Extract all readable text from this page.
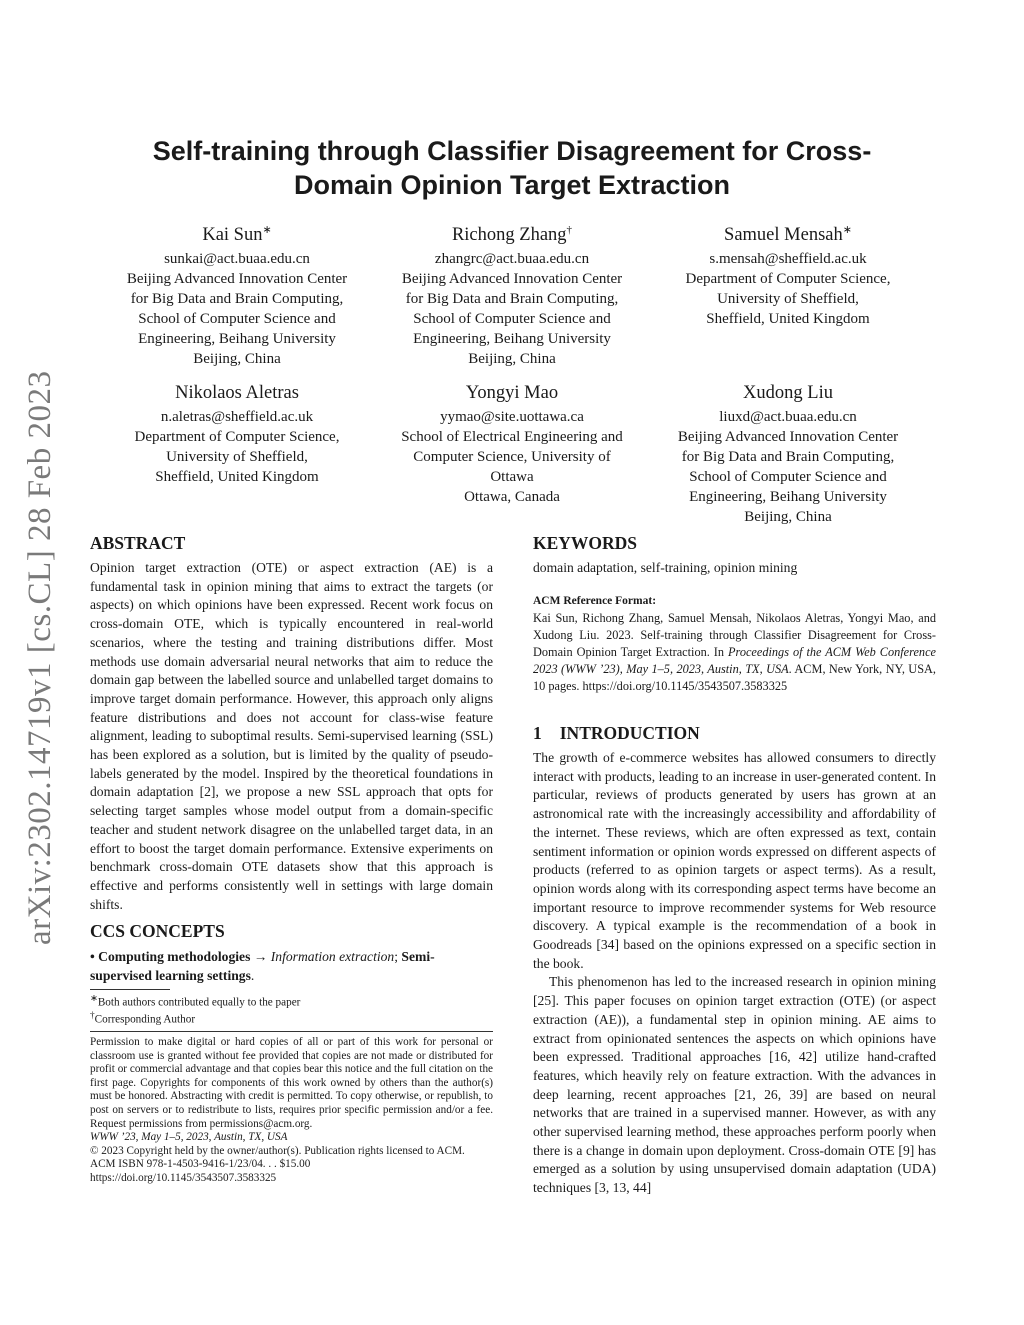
arXiv:2302.14719v1 [cs.CL] 28 Feb 2023
Self-training through Classifier Disagreement for Cross-Domain Opinion Target Extraction
Kai Sun∗
sunkai@act.buaa.edu.cn
Beijing Advanced Innovation Center
for Big Data and Brain Computing,
School of Computer Science and
Engineering, Beihang University
Beijing, China
Richong Zhang†
zhangrc@act.buaa.edu.cn
Beijing Advanced Innovation Center
for Big Data and Brain Computing,
School of Computer Science and
Engineering, Beihang University
Beijing, China
Samuel Mensah∗
s.mensah@sheffield.ac.uk
Department of Computer Science,
University of Sheffield,
Sheffield, United Kingdom
Nikolaos Aletras
n.aletras@sheffield.ac.uk
Department of Computer Science,
University of Sheffield,
Sheffield, United Kingdom
Yongyi Mao
yymao@site.uottawa.ca
School of Electrical Engineering and
Computer Science, University of
Ottawa
Ottawa, Canada
Xudong Liu
liuxd@act.buaa.edu.cn
Beijing Advanced Innovation Center
for Big Data and Brain Computing,
School of Computer Science and
Engineering, Beihang University
Beijing, China
ABSTRACT

Opinion target extraction (OTE) or aspect extraction (AE) is a fundamental task in opinion mining that aims to extract the targets (or aspects) on which opinions have been expressed. Recent work focus on cross-domain OTE, which is typically encountered in real-world scenarios, where the testing and training distributions differ. Most methods use domain adversarial neural networks that aim to reduce the domain gap between the labelled source and unlabelled target domains to improve target domain performance. However, this approach only aligns feature distributions and does not account for class-wise feature alignment, leading to suboptimal results. Semi-supervised learning (SSL) has been explored as a solution, but is limited by the quality of pseudo-labels generated by the model. Inspired by the theoretical foundations in domain adaptation [2], we propose a new SSL approach that opts for selecting target samples whose model output from a domain-specific teacher and student network disagree on the unlabelled target data, in an effort to boost the target domain performance. Extensive experiments on benchmark cross-domain OTE datasets show that this approach is effective and performs consistently well in settings with large domain shifts.

CCS CONCEPTS

• Computing methodologies → Information extraction; Semi-supervised learning settings.

∗Both authors contributed equally to the paper

†Corresponding Author

Permission to make digital or hard copies of all or part of this work for personal or classroom use is granted without fee provided that copies are not made or distributed for profit or commercial advantage and that copies bear this notice and the full citation on the first page. Copyrights for components of this work owned by others than the author(s) must be honored. Abstracting with credit is permitted. To copy otherwise, or republish, to post on servers or to redistribute to lists, requires prior specific permission and/or a fee. Request permissions from permissions@acm.org.

WWW ’23, May 1–5, 2023, Austin, TX, USA

© 2023 Copyright held by the owner/author(s). Publication rights licensed to ACM.

ACM ISBN 978-1-4503-9416-1/23/04. . . $15.00

https://doi.org/10.1145/3543507.3583325

KEYWORDS

domain adaptation, self-training, opinion mining

ACM Reference Format:

Kai Sun, Richong Zhang, Samuel Mensah, Nikolaos Aletras, Yongyi Mao, and Xudong Liu. 2023. Self-training through Classifier Disagreement for Cross-Domain Opinion Target Extraction. In Proceedings of the ACM Web Conference 2023 (WWW ’23), May 1–5, 2023, Austin, TX, USA. ACM, New York, NY, USA, 10 pages. https://doi.org/10.1145/3543507.3583325

1 INTRODUCTION

The growth of e-commerce websites has allowed consumers to directly interact with products, leading to an increase in user-generated content. In particular, reviews of products generated by users has grown at an astronomical rate with the increasingly accessibility and affordability of the internet. These reviews, which are often expressed as text, contain sentiment information or opinion words expressed on different aspects of products (referred to as opinion targets or aspect terms). As a result, opinion words along with its corresponding aspect terms have become an important resource to improve recommender systems for Web resource discovery. A typical example is the recommendation of a book in Goodreads [34] based on the opinions expressed on a specific section in the book.

This phenomenon has led to the increased research in opinion mining [25]. This paper focuses on opinion target extraction (OTE) (or aspect extraction (AE)), a fundamental step in opinion mining. AE aims to extract from opinionated sentences the aspects on which opinions have been expressed. Traditional approaches [16, 42] utilize hand-crafted features, which heavily rely on feature extraction. With the advances in deep learning, recent approaches [21, 26, 39] are based on neural networks that are trained in a supervised manner. However, as with any other supervised learning method, these approaches perform poorly when there is a change in domain upon deployment. Cross-domain OTE [9] has emerged as a solution by using unsupervised domain adaptation (UDA) techniques [3, 13, 44]
